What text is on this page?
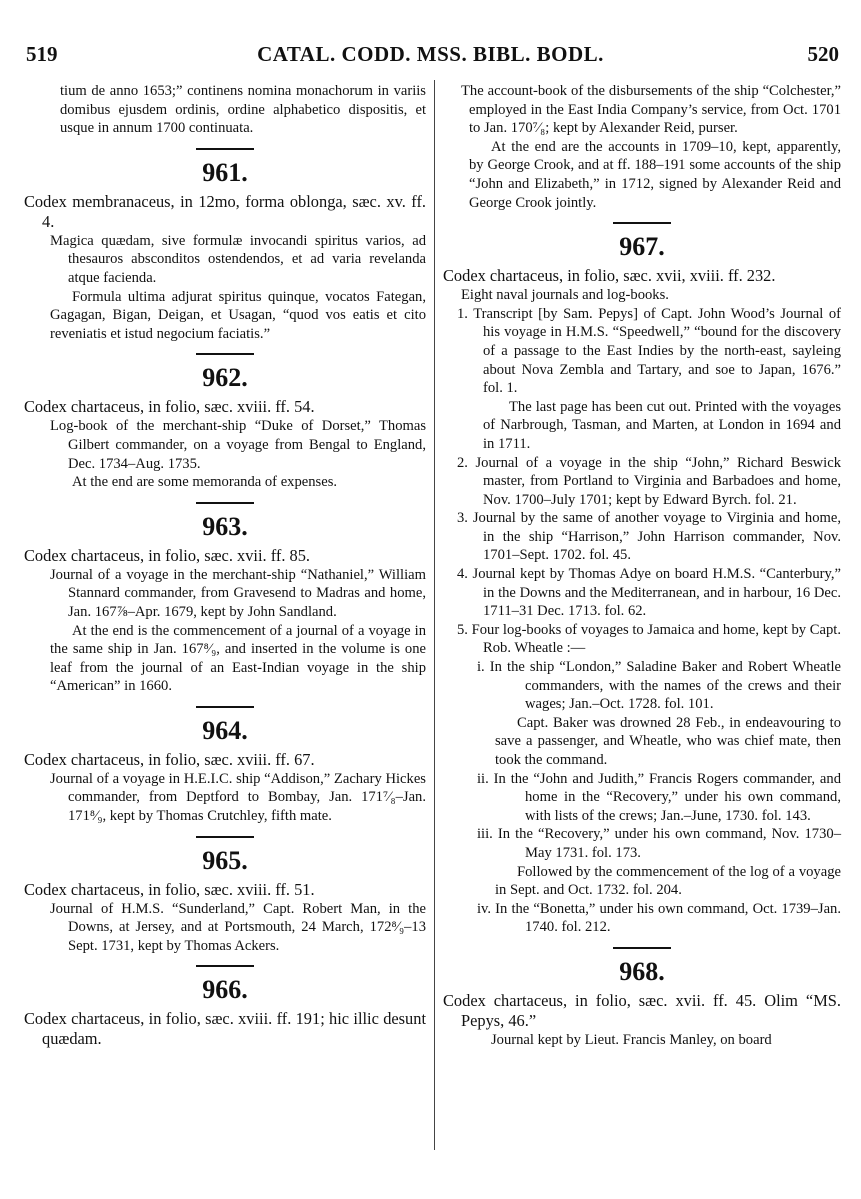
519	CATAL. CODD. MSS. BIBL. BODL.	520

tium de anno 1653;” continens nomina monachorum in variis domibus ejusdem ordinis, ordine alphabetico dispositis, et usque in annum 1700 continuata.

961.

Codex membranaceus, in 12mo, forma oblonga, sæc. xv. ff. 4.

Magica quædam, sive formulæ invocandi spiritus varios, ad thesauros absconditos ostendendos, et ad varia revelanda atque facienda.

Formula ultima adjurat spiritus quinque, vocatos Fategan, Gagagan, Bigan, Deigan, et Usagan, “quod vos eatis et cito reveniatis et istud negocium faciatis.”

962.

Codex chartaceus, in folio, sæc. xviii. ff. 54.

Log-book of the merchant-ship “Duke of Dorset,” Thomas Gilbert commander, on a voyage from Bengal to England, Dec. 1734–Aug. 1735.

At the end are some memoranda of expenses.

963.

Codex chartaceus, in folio, sæc. xvii. ff. 85.

Journal of a voyage in the merchant-ship “Nathaniel,” William Stannard commander, from Gravesend to Madras and home, Jan. 167⅞–Apr. 1679, kept by John Sandland.

At the end is the commencement of a journal of a voyage in the same ship in Jan. 167⁸⁄₉, and inserted in the volume is one leaf from the journal of an East-Indian voyage in the ship “American” in 1660.

964.

Codex chartaceus, in folio, sæc. xviii. ff. 67.

Journal of a voyage in H.E.I.C. ship “Addison,” Zachary Hickes commander, from Deptford to Bombay, Jan. 171⁷⁄₈–Jan. 171⁸⁄₉, kept by Thomas Crutchley, fifth mate.

965.

Codex chartaceus, in folio, sæc. xviii. ff. 51.

Journal of H.M.S. “Sunderland,” Capt. Robert Man, in the Downs, at Jersey, and at Portsmouth, 24 March, 172⁸⁄₉–13 Sept. 1731, kept by Thomas Ackers.

966.

Codex chartaceus, in folio, sæc. xviii. ff. 191; hic illic desunt quædam.

The account-book of the disbursements of the ship “Colchester,” employed in the East India Company’s service, from Oct. 1701 to Jan. 170⁷⁄₈; kept by Alexander Reid, purser.

At the end are the accounts in 1709–10, kept, apparently, by George Crook, and at ff. 188–191 some accounts of the ship “John and Elizabeth,” in 1712, signed by Alexander Reid and George Crook jointly.

967.

Codex chartaceus, in folio, sæc. xvii, xviii. ff. 232.

Eight naval journals and log-books.

1. Transcript [by Sam. Pepys] of Capt. John Wood’s Journal of his voyage in H.M.S. “Speedwell,” “bound for the discovery of a passage to the East Indies by the north-east, sayleing about Nova Zembla and Tartary, and soe to Japan, 1676.” fol. 1.

The last page has been cut out. Printed with the voyages of Narbrough, Tasman, and Marten, at London in 1694 and in 1711.

2. Journal of a voyage in the ship “John,” Richard Beswick master, from Portland to Virginia and Barbadoes and home, Nov. 1700–July 1701; kept by Edward Byrch. fol. 21.

3. Journal by the same of another voyage to Virginia and home, in the ship “Harrison,” John Harrison commander, Nov. 1701–Sept. 1702. fol. 45.

4. Journal kept by Thomas Adye on board H.M.S. “Canterbury,” in the Downs and the Mediterranean, and in harbour, 16 Dec. 1711–31 Dec. 1713. fol. 62.

5. Four log-books of voyages to Jamaica and home, kept by Capt. Rob. Wheatle :—

i. In the ship “London,” Saladine Baker and Robert Wheatle commanders, with the names of the crews and their wages; Jan.–Oct. 1728. fol. 101.

Capt. Baker was drowned 28 Feb., in endeavouring to save a passenger, and Wheatle, who was chief mate, then took the command.

ii. In the “John and Judith,” Francis Rogers commander, and home in the “Recovery,” under his own command, with lists of the crews; Jan.–June, 1730. fol. 143.

iii. In the “Recovery,” under his own command, Nov. 1730–May 1731. fol. 173.

Followed by the commencement of the log of a voyage in Sept. and Oct. 1732. fol. 204.

iv. In the “Bonetta,” under his own command, Oct. 1739–Jan. 1740. fol. 212.

968.

Codex chartaceus, in folio, sæc. xvii. ff. 45. Olim “MS. Pepys, 46.”

Journal kept by Lieut. Francis Manley, on board
